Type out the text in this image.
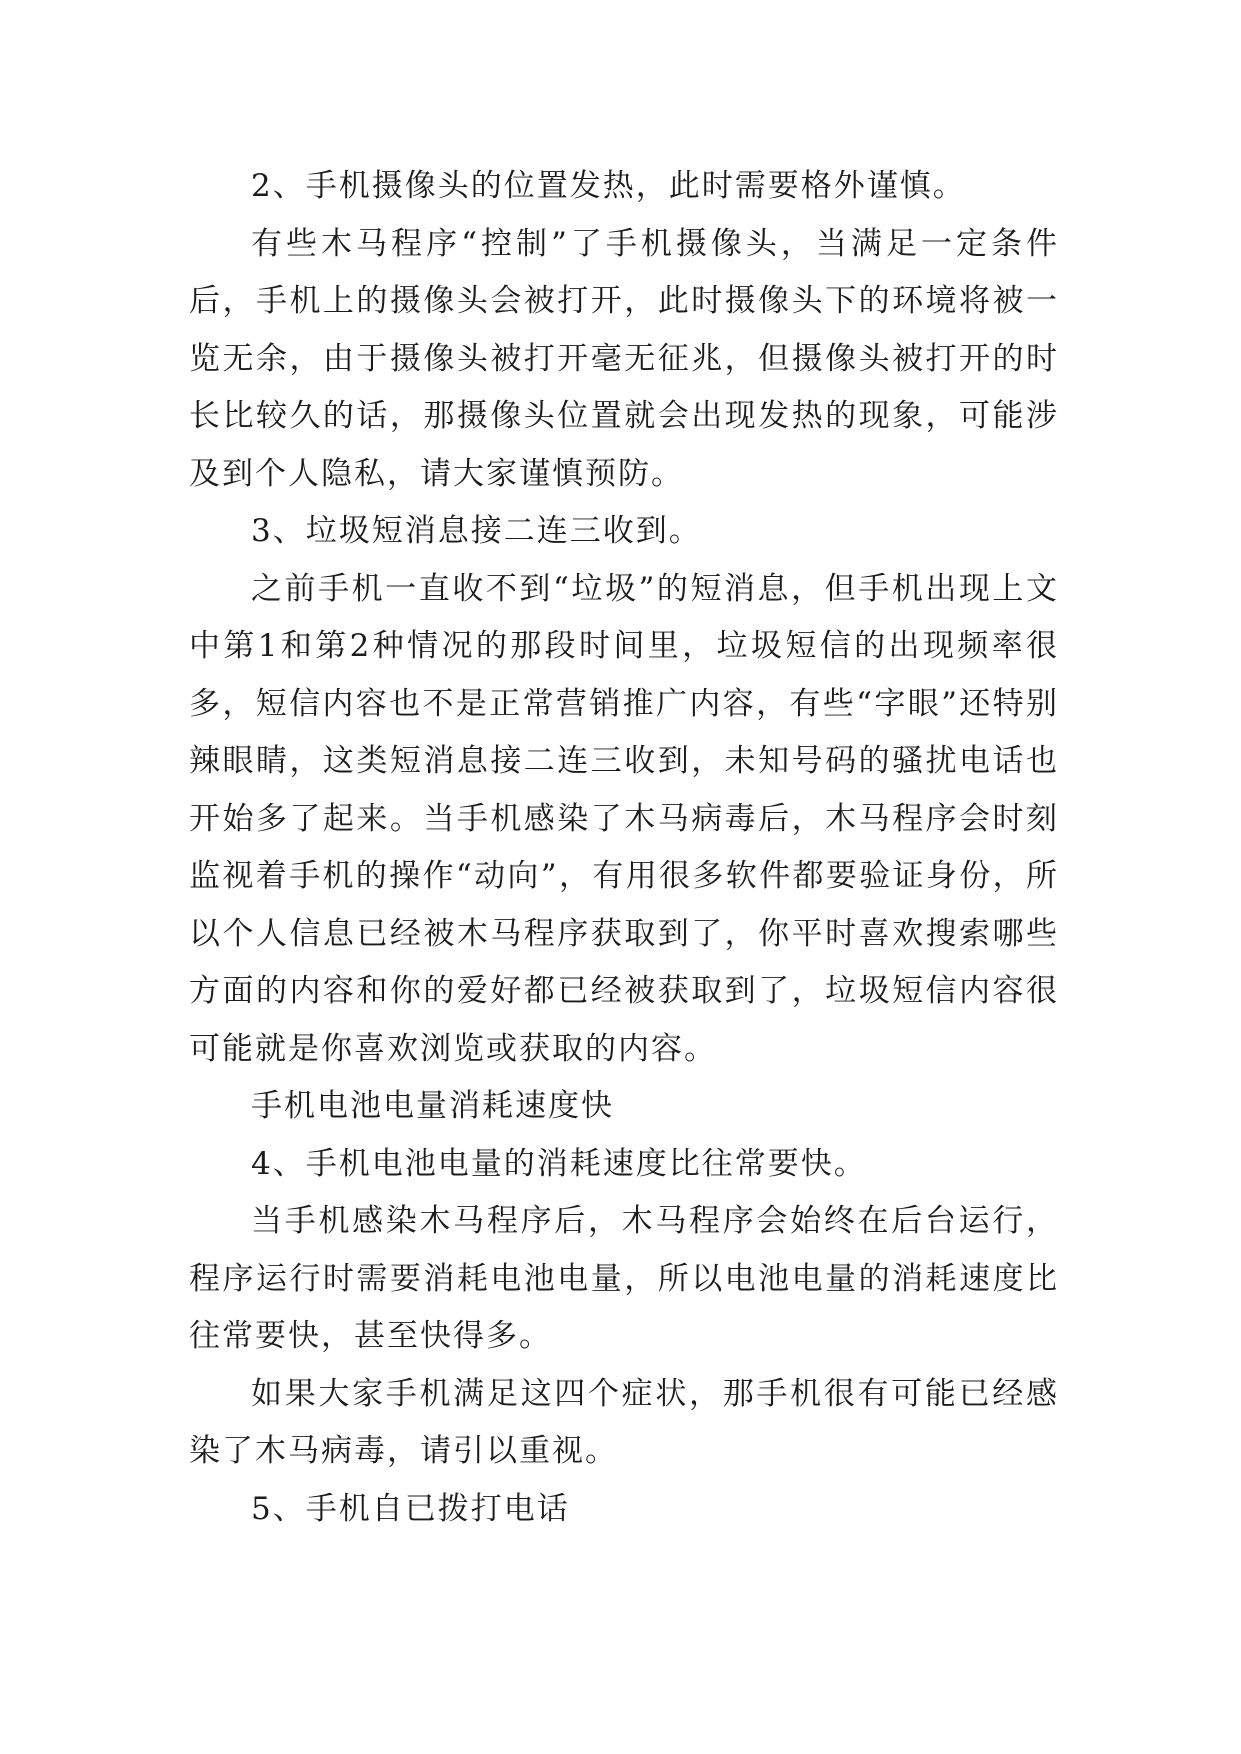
2、手机摄像头的位置发热，此时需要格外谨慎。

有些木马程序“控制”了手机摄像头，当满足一定条件后，手机上的摄像头会被打开，此时摄像头下的环境将被一览无余，由于摄像头被打开毫无征兆，但摄像头被打开的时长比较久的话，那摄像头位置就会出现发热的现象，可能涉及到个人隐私，请大家谨慎预防。

3、垃圾短消息接二连三收到。

之前手机一直收不到“垃圾”的短消息，但手机出现上文中第1和第2种情况的那段时间里，垃圾短信的出现频率很多，短信内容也不是正常营销推广内容，有些“字眼”还特别辣眼睛，这类短消息接二连三收到，未知号码的骚扰电话也开始多了起来。当手机感染了木马病毒后，木马程序会时刻监视着手机的操作“动向”，有用很多软件都要验证身份，所以个人信息已经被木马程序获取到了，你平时喜欢搜索哪些方面的内容和你的爱好都已经被获取到了，垃圾短信内容很可能就是你喜欢浏览或获取的内容。

手机电池电量消耗速度快

4、手机电池电量的消耗速度比往常要快。

当手机感染木马程序后，木马程序会始终在后台运行，程序运行时需要消耗电池电量，所以电池电量的消耗速度比往常要快，甚至快得多。

如果大家手机满足这四个症状，那手机很有可能已经感染了木马病毒，请引以重视。

5、手机自已拨打电话
